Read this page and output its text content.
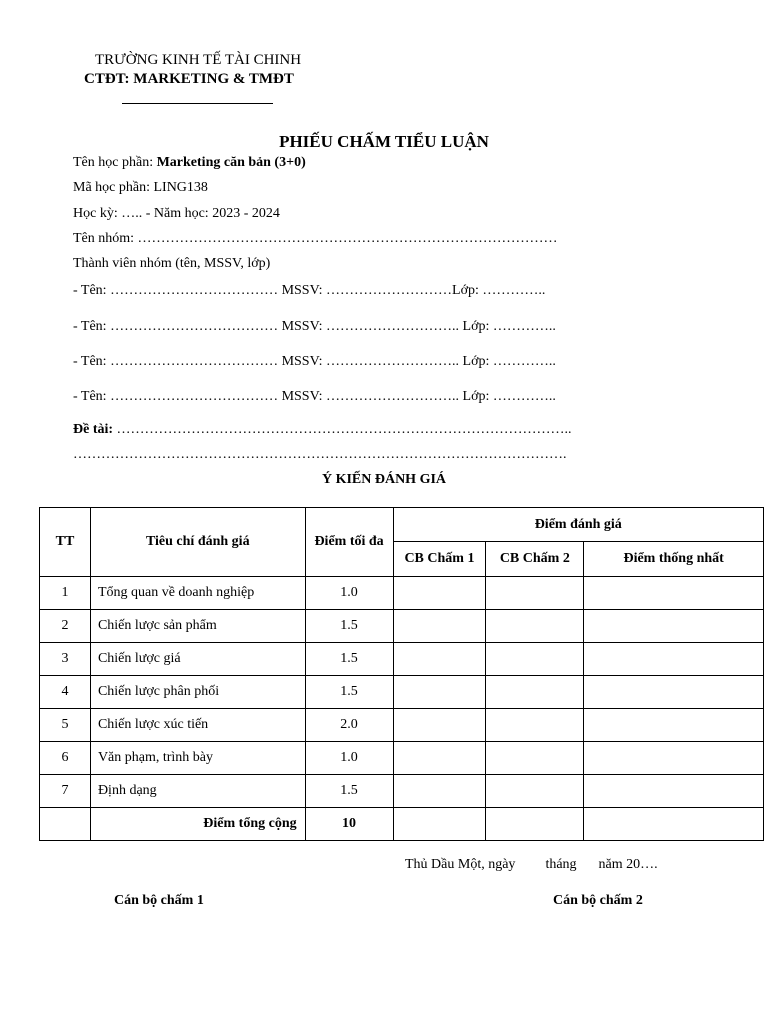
TRƯỜNG KINH TẾ TÀI CHINH
CTĐT: MARKETING & TMĐT
PHIẾU CHẤM TIỂU LUẬN
Tên học phần: Marketing căn bản (3+0)
Mã học phần: LING138
Học kỳ: ….. - Năm học: 2023 - 2024
Tên nhóm: ………………………………………………………………………………
Thành viên nhóm (tên, MSSV, lớp)
- Tên: ……………………………… MSSV: ………………………Lớp: …………..
- Tên: ……………………………… MSSV: ……………………….. Lớp: …………..
- Tên: ……………………………… MSSV: ……………………….. Lớp: …………..
- Tên: ……………………………… MSSV: ……………………….. Lớp: …………..
Đề tài: ……………………………………………………………………………………..
…………………………………………………………………………………………….
Ý KIẾN ĐÁNH GIÁ
TT	Tiêu chí đánh giá	Điểm tối đa	Điểm đánh giá		
			CB Chấm 1	CB Chấm 2	Điểm thống nhất
1	Tổng quan về doanh nghiệp	1.0			
2	Chiến lược sản phẩm	1.5			
3	Chiến lược giá	1.5			
4	Chiến lược phân phối	1.5			
5	Chiến lược xúc tiến	2.0			
6	Văn phạm, trình bày	1.0			
7	Định dạng	1.5			
	Điểm tổng cộng	10			
Thủ Dầu Một, ngày tháng năm 20….
Cán bộ chấm 1	Cán bộ chấm 2
